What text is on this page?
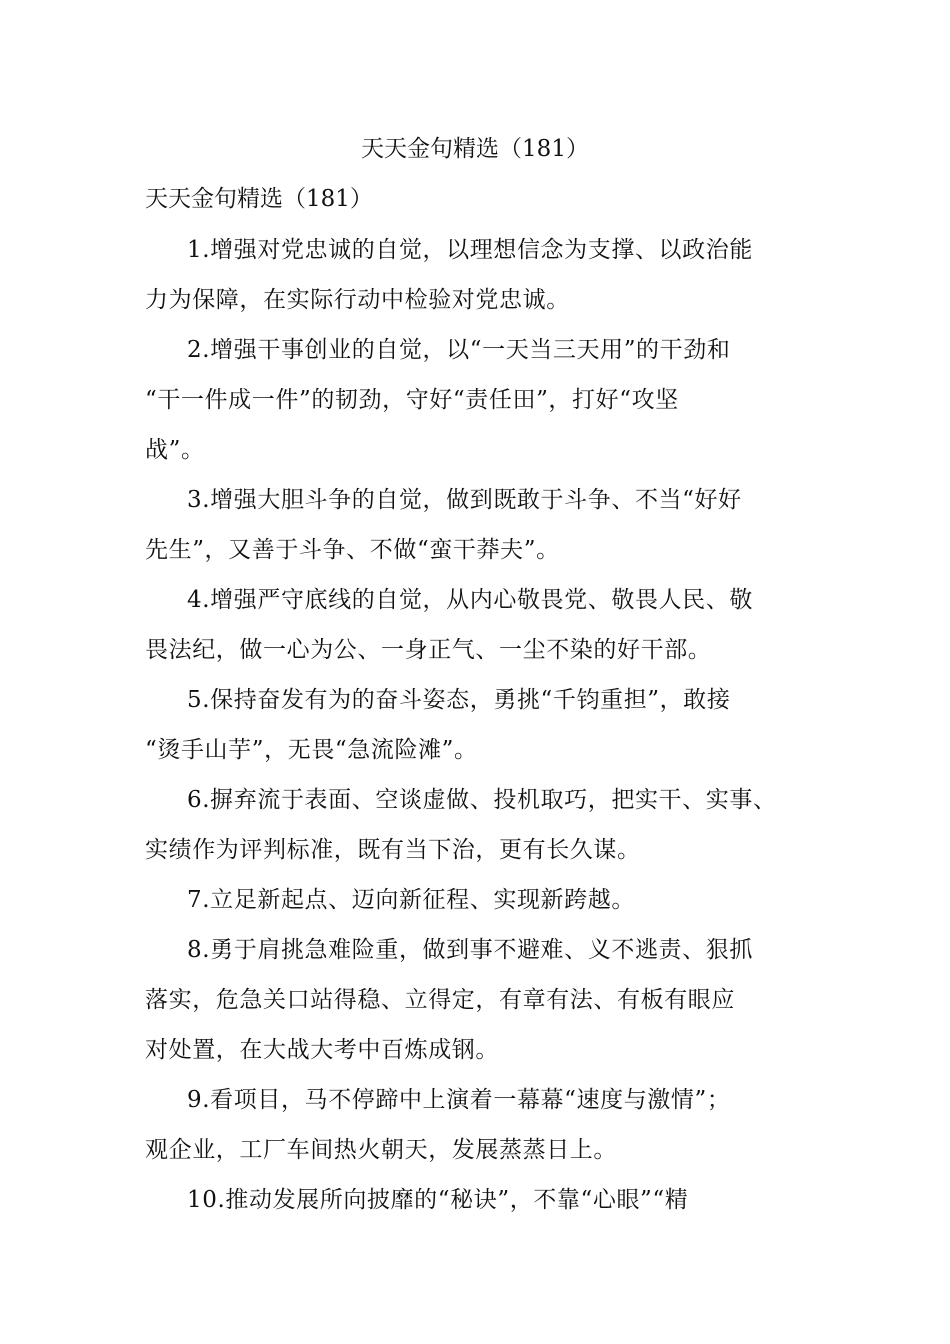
天天金句精选（181）
天天金句精选（181）
1.增强对党忠诚的自觉，以理想信念为支撑、以政治能
力为保障，在实际行动中检验对党忠诚。
2.增强干事创业的自觉，以“一天当三天用”的干劲和
“干一件成一件”的韧劲，守好“责任田”，打好“攻坚
战”。
3.增强大胆斗争的自觉，做到既敢于斗争、不当“好好
先生”，又善于斗争、不做“蛮干莽夫”。
4.增强严守底线的自觉，从内心敬畏党、敬畏人民、敬
畏法纪，做一心为公、一身正气、一尘不染的好干部。
5.保持奋发有为的奋斗姿态，勇挑“千钧重担”，敢接
“烫手山芋”，无畏“急流险滩”。
6.摒弃流于表面、空谈虚做、投机取巧，把实干、实事、
实绩作为评判标准，既有当下治，更有长久谋。
7.立足新起点、迈向新征程、实现新跨越。
8.勇于肩挑急难险重，做到事不避难、义不逃责、狠抓
落实，危急关口站得稳、立得定，有章有法、有板有眼应
对处置，在大战大考中百炼成钢。
9.看项目，马不停蹄中上演着一幕幕“速度与激情”；
观企业，工厂车间热火朝天，发展蒸蒸日上。
10.推动发展所向披靡的“秘诀”，不靠“心眼”“精
